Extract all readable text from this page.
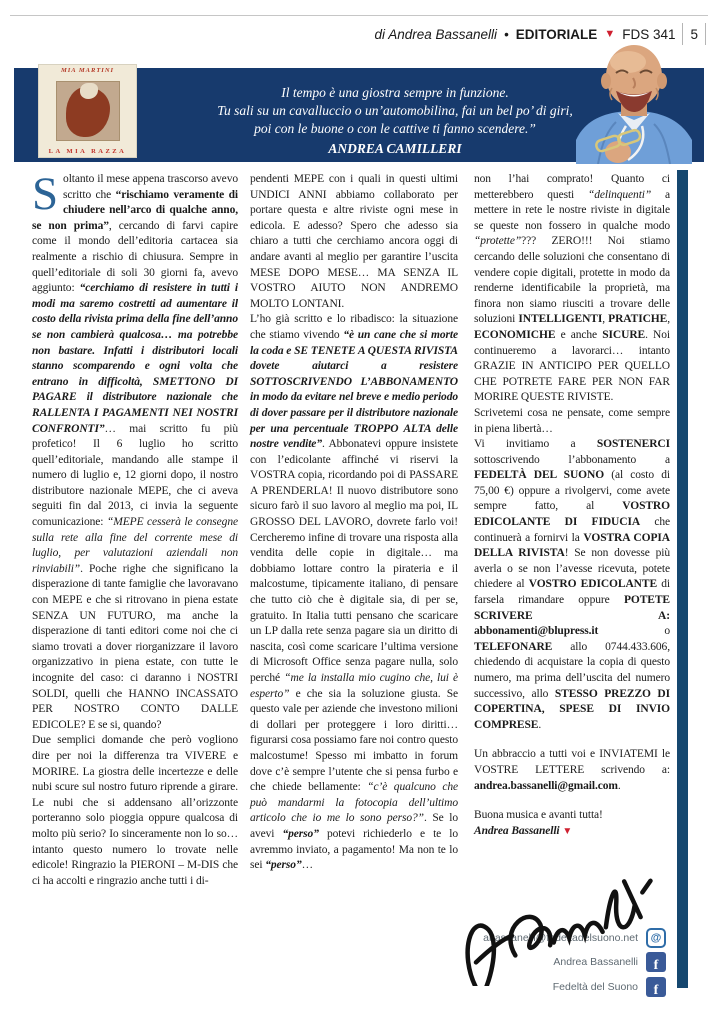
di Andrea Bassanelli • EDITORIALE ▼ FDS 341 5
MIA MARTINI
LA MIA RAZZA
Il tempo è una giostra sempre in funzione.
Tu sali su un cavalluccio o un’automobilina, fai un bel po’ di giri,
poi con le buone o con le cattive ti fanno scendere.”
ANDREA CAMILLERI

Soltanto il mese appena trascorso avevo scritto che “rischiamo veramente di chiudere nell’arco di qualche anno, se non prima”, cercando di farvi capire come il mondo dell’editoria cartacea sia realmente a rischio di chiusura. Sempre in quell’editoriale di soli 30 giorni fa, avevo aggiunto: “cerchiamo di resistere in tutti i modi ma saremo costretti ad aumentare il costo della rivista prima della fine dell’anno se non cambierà qualcosa… ma potrebbe non bastare. Infatti i distributori locali stanno scomparendo e ogni volta che entrano in difficoltà, SMETTONO DI PAGARE il distributore nazionale che RALLENTA I PAGAMENTI NEI NOSTRI CONFRONTI”… mai scritto fu più profetico! Il 6 luglio ho scritto quell’editoriale, mandando alle stampe il numero di luglio e, 12 giorni dopo, il nostro distributore nazionale MEPE, che ci aveva seguiti fin dal 2013, ci invia la seguente comunicazione: “MEPE cesserà le consegne sulla rete alla fine del corrente mese di luglio, per valutazioni aziendali non rinviabili”. Poche righe che significano la disperazione di tante famiglie che lavoravano con MEPE e che si ritrovano in piena estate SENZA UN FUTURO, ma anche la disperazione di tanti editori come noi che ci siamo trovati a dover riorganizzare il lavoro organizzativo in piena estate, con tutte le incognite del caso: ci daranno i NOSTRI SOLDI, quelli che HANNO INCASSATO PER NOSTRO CONTO DALLE EDICOLE? E se si, quando?

Due semplici domande che però vogliono dire per noi la differenza tra VIVERE e MORIRE. La giostra delle incertezze e delle nubi scure sul nostro futuro riprende a girare. Le nubi che si addensano all’orizzonte porteranno solo pioggia oppure qualcosa di molto più serio? Io sinceramente non lo so… intanto questo numero lo trovate nelle edicole! Ringrazio la PIERONI – M-DIS che ci ha accolti e ringrazio anche tutti i di-

pendenti MEPE con i quali in questi ultimi UNDICI ANNI abbiamo collaborato per portare questa e altre riviste ogni mese in edicola. E adesso? Spero che adesso sia chiaro a tutti che cerchiamo ancora oggi di andare avanti al meglio per garantire l’uscita MESE DOPO MESE… MA SENZA IL VOSTRO AIUTO NON ANDREMO MOLTO LONTANI.

L’ho già scritto e lo ribadisco: la situazione che stiamo vivendo “è un cane che si morte la coda e SE TENETE A QUESTA RIVISTA dovete aiutarci a resistere SOTTOSCRIVENDO L’ABBONAMENTO in modo da evitare nel breve e medio periodo di dover passare per il distributore nazionale per una percentuale TROPPO ALTA delle nostre vendite”. Abbonatevi oppure insistete con l’edicolante affinché vi riservi la VOSTRA copia, ricordando poi di PASSARE A PRENDERLA! Il nuovo distributore sono sicuro farò il suo lavoro al meglio ma poi, IL GROSSO DEL LAVORO, dovrete farlo voi! Cercheremo infine di trovare una risposta alla vendita delle copie in digitale… ma dobbiamo lottare contro la pirateria e il malcostume, tipicamente italiano, di pensare che tutto ciò che è digitale sia, di per se, gratuito. In Italia tutti pensano che scaricare un LP dalla rete senza pagare sia un diritto di nascita, così come scaricare l’ultima versione di Microsoft Office senza pagare nulla, solo perché “me la installa mio cugino che, lui è esperto” e che sia la soluzione giusta. Se questo vale per aziende che investono milioni di dollari per proteggere i loro diritti… figurarsi cosa possiamo fare noi contro questo malcostume! Spesso mi imbatto in forum dove c’è sempre l’utente che si pensa furbo e che chiede bellamente: “c’è qualcuno che può mandarmi la fotocopia dell’ultimo articolo che io me lo sono perso?”. Se lo avevi “perso” potevi richiederlo e te lo avremmo inviato, a pagamento! Ma non te lo sei “perso”…

non l’hai comprato! Quanto ci metterebbero questi “delinquenti” a mettere in rete le nostre riviste in digitale se queste non fossero in qualche modo “protette”??? ZERO!!! Noi stiamo cercando delle soluzioni che consentano di vendere copie digitali, protette in modo da renderne identificabile la proprietà, ma finora non siamo riusciti a trovare delle soluzioni INTELLIGENTI, PRATICHE, ECONOMICHE e anche SICURE. Noi continueremo a lavorarci… intanto GRAZIE IN ANTICIPO PER QUELLO CHE POTRETE FARE PER NON FAR MORIRE QUESTE RIVISTE.

Scrivetemi cosa ne pensate, come sempre in piena libertà…

Vi invitiamo a SOSTENERCI sottoscrivendo l’abbonamento a FEDELTÀ DEL SUONO (al costo di 75,00 €) oppure a rivolgervi, come avete sempre fatto, al VOSTRO EDICOLANTE DI FIDUCIA che continuerà a fornirvi la VOSTRA COPIA DELLA RIVISTA! Se non dovesse più averla o se non l’avesse ricevuta, potete chiedere al VOSTRO EDICOLANTE di farsela rimandare oppure POTETE SCRIVERE A: abbonamenti@blupress.it o TELEFONARE allo 0744.433.606, chiedendo di acquistare la copia di questo numero, ma prima dell’uscita del numero successivo, allo STESSO PREZZO DI COPERTINA, SPESE DI INVIO COMPRESE.

Un abbraccio a tutti voi e INVIATEMI le VOSTRE LETTERE scrivendo a: andrea.bassanelli@gmail.com.

Buona musica e avanti tutta!

Andrea Bassanelli ▼

abassanelli@fedeltadelsuono.net	@
Andrea Bassanelli	f
Fedeltà del Suono	f
